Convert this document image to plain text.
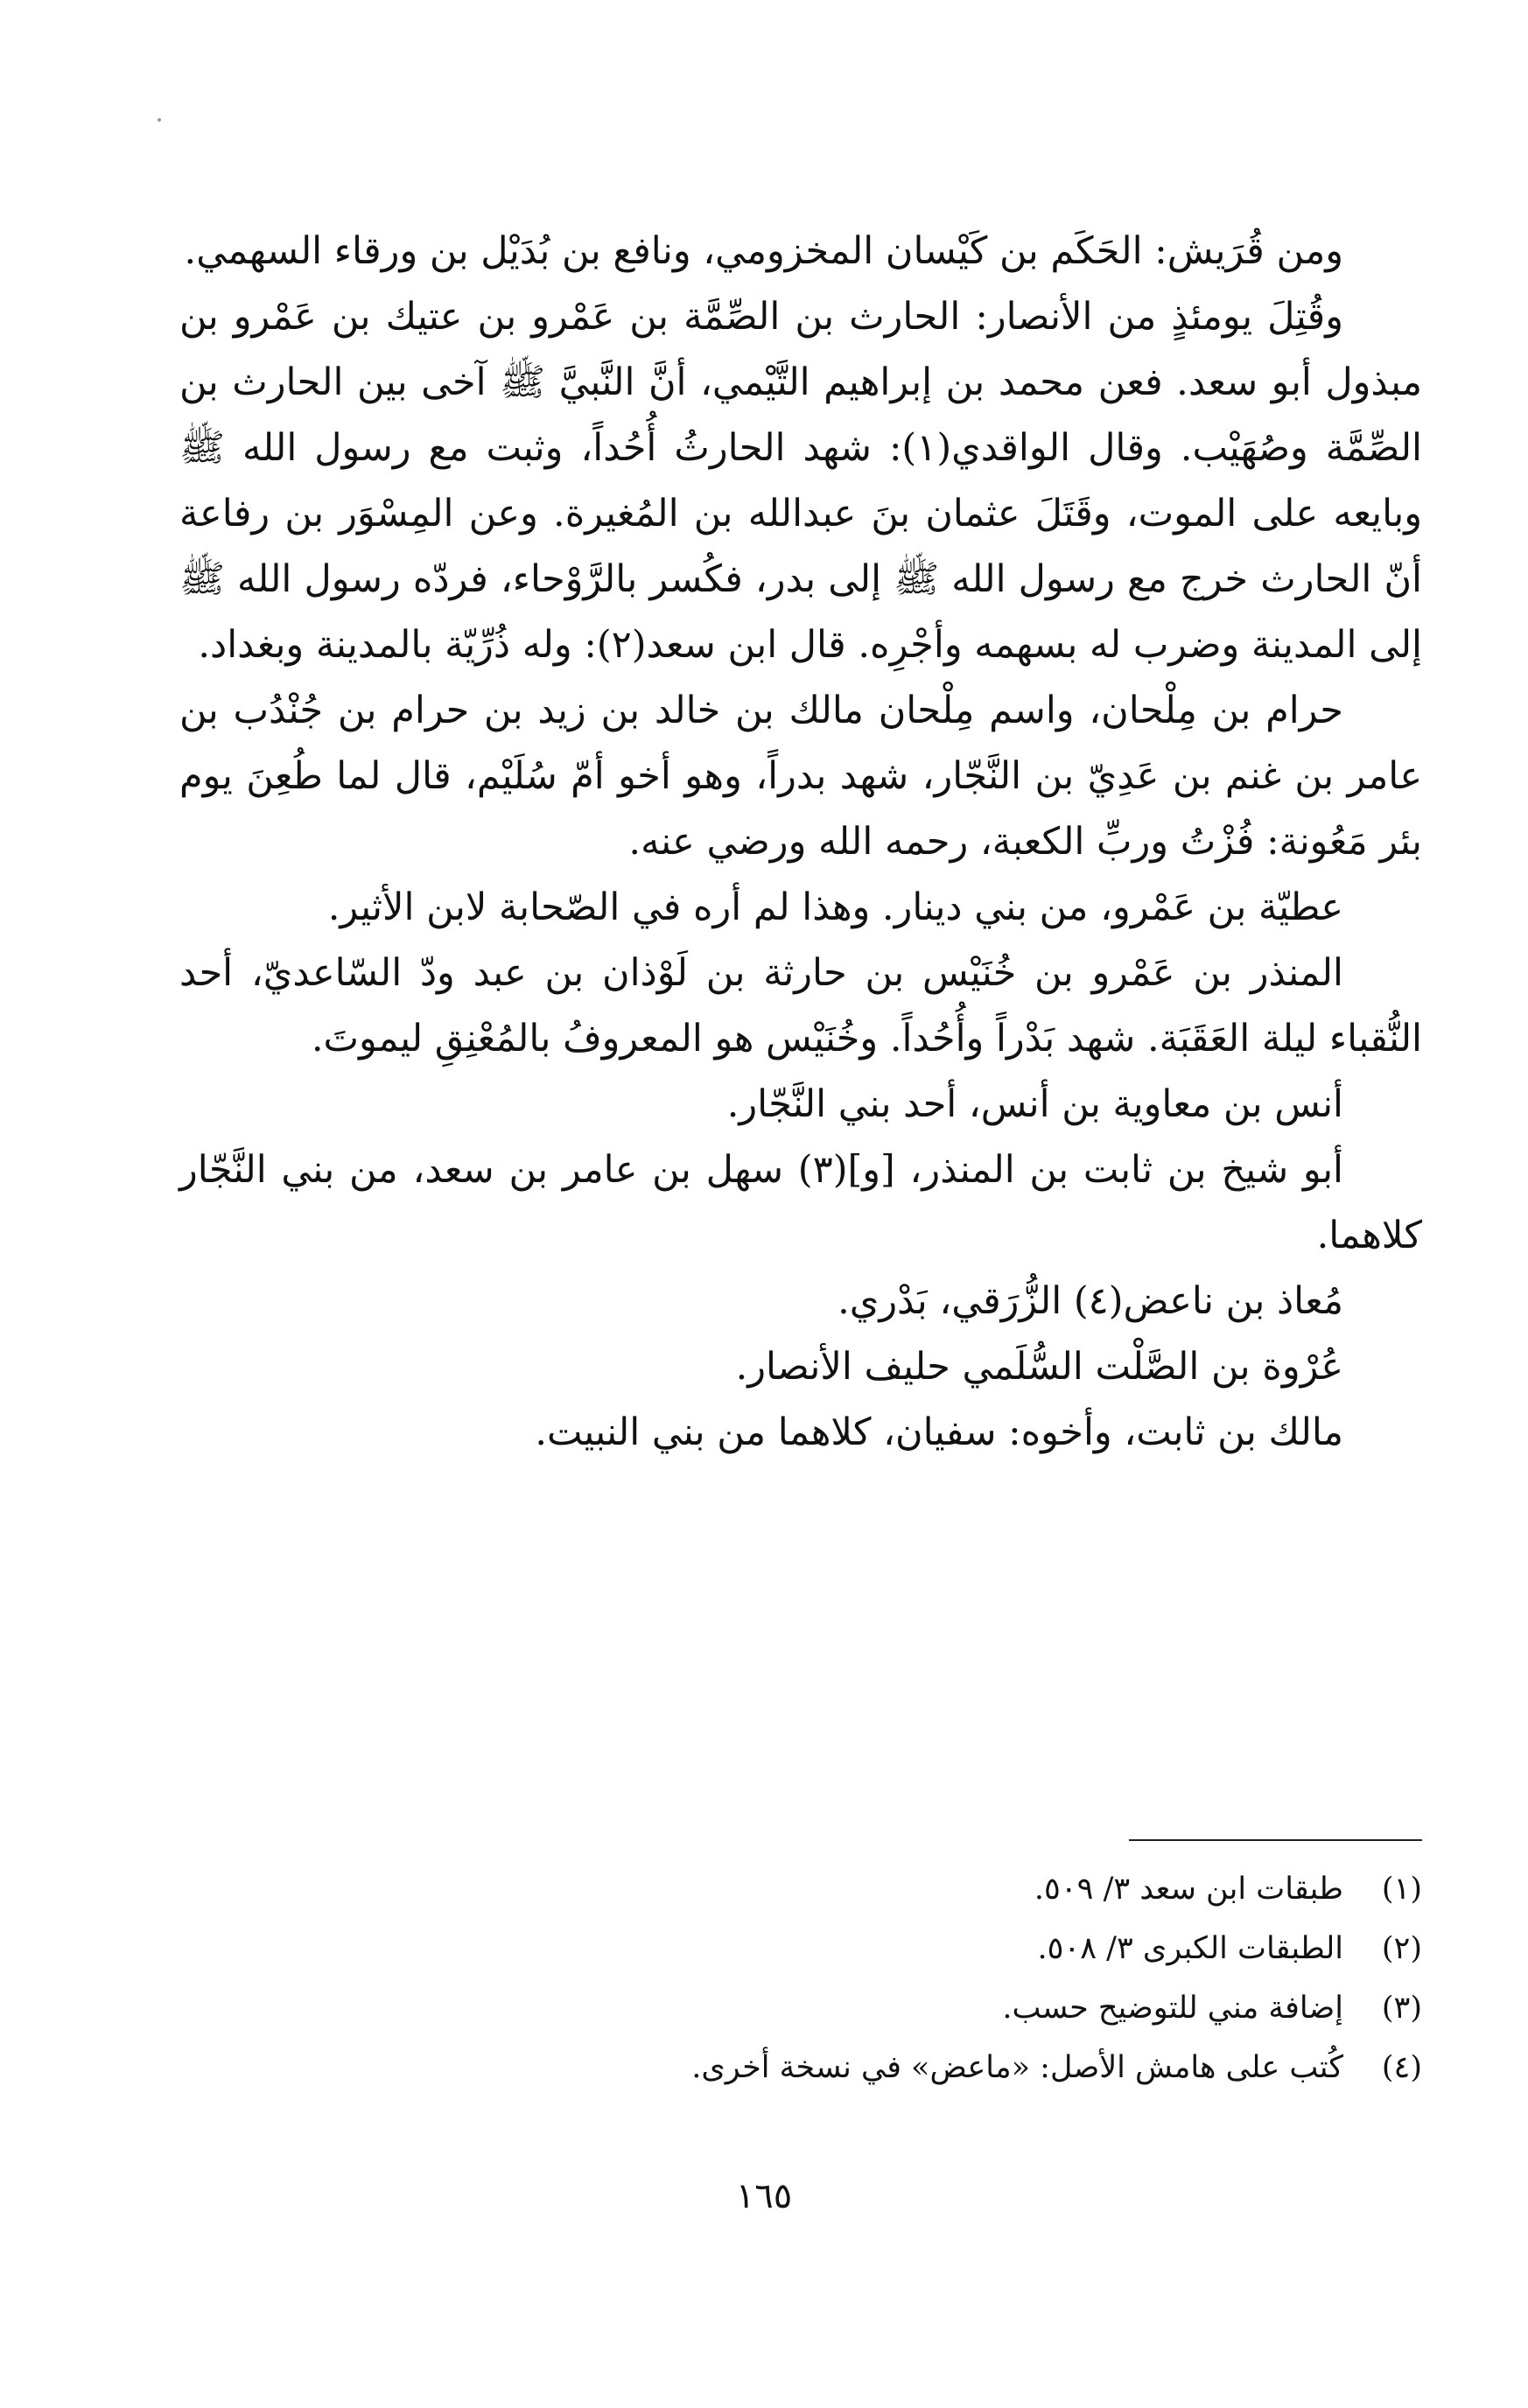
ومن قُرَيش: الحَكَم بن كَيْسان المخزومي، ونافع بن بُدَيْل بن ورقاء السهمي.

وقُتِلَ يومئذٍ من الأنصار: الحارث بن الصِّمَّة بن عَمْرو بن عتيك بن عَمْرو بن مبذول أبو سعد. فعن محمد بن إبراهيم التَّيْمي، أنَّ النَّبيَّ ﷺ آخى بين الحارث بن الصِّمَّة وصُهَيْب. وقال الواقدي(١): شهد الحارثُ أُحُداً، وثبت مع رسول الله ﷺ وبايعه على الموت، وقَتَلَ عثمان بنَ عبدالله بن المُغيرة. وعن المِسْوَر بن رفاعة أنّ الحارث خرج مع رسول الله ﷺ إلى بدر، فكُسر بالرَّوْحاء، فردّه رسول الله ﷺ إلى المدينة وضرب له بسهمه وأجْرِه. قال ابن سعد(٢): وله ذُرِّيّة بالمدينة وبغداد.

حرام بن مِلْحان، واسم مِلْحان مالك بن خالد بن زيد بن حرام بن جُنْدُب بن عامر بن غنم بن عَدِيّ بن النَّجّار، شهد بدراً، وهو أخو أمّ سُلَيْم، قال لما طُعِنَ يوم بئر مَعُونة: فُزْتُ وربِّ الكعبة، رحمه الله ورضي عنه.

عطيّة بن عَمْرو، من بني دينار. وهذا لم أره في الصّحابة لابن الأثير.

المنذر بن عَمْرو بن خُنَيْس بن حارثة بن لَوْذان بن عبد ودّ السّاعديّ، أحد النُّقباء ليلة العَقَبَة. شهد بَدْراً وأُحُداً. وخُنَيْس هو المعروفُ بالمُعْنِقِ ليموتَ.

أنس بن معاوية بن أنس، أحد بني النَّجّار.

أبو شيخ بن ثابت بن المنذر، [و](٣) سهل بن عامر بن سعد، من بني النَّجّار كلاهما.

مُعاذ بن ناعض(٤) الزُّرَقي، بَدْري.

عُرْوة بن الصَّلْت السُّلَمي حليف الأنصار.

مالك بن ثابت، وأخوه: سفيان، كلاهما من بني النبيت.

(١)
طبقات ابن سعد ٣/ ٥٠٩.
(٢)
الطبقات الكبرى ٣/ ٥٠٨.
(٣)
إضافة مني للتوضيح حسب.
(٤)
كُتب على هامش الأصل: «ماعض» في نسخة أخرى.
١٦٥
